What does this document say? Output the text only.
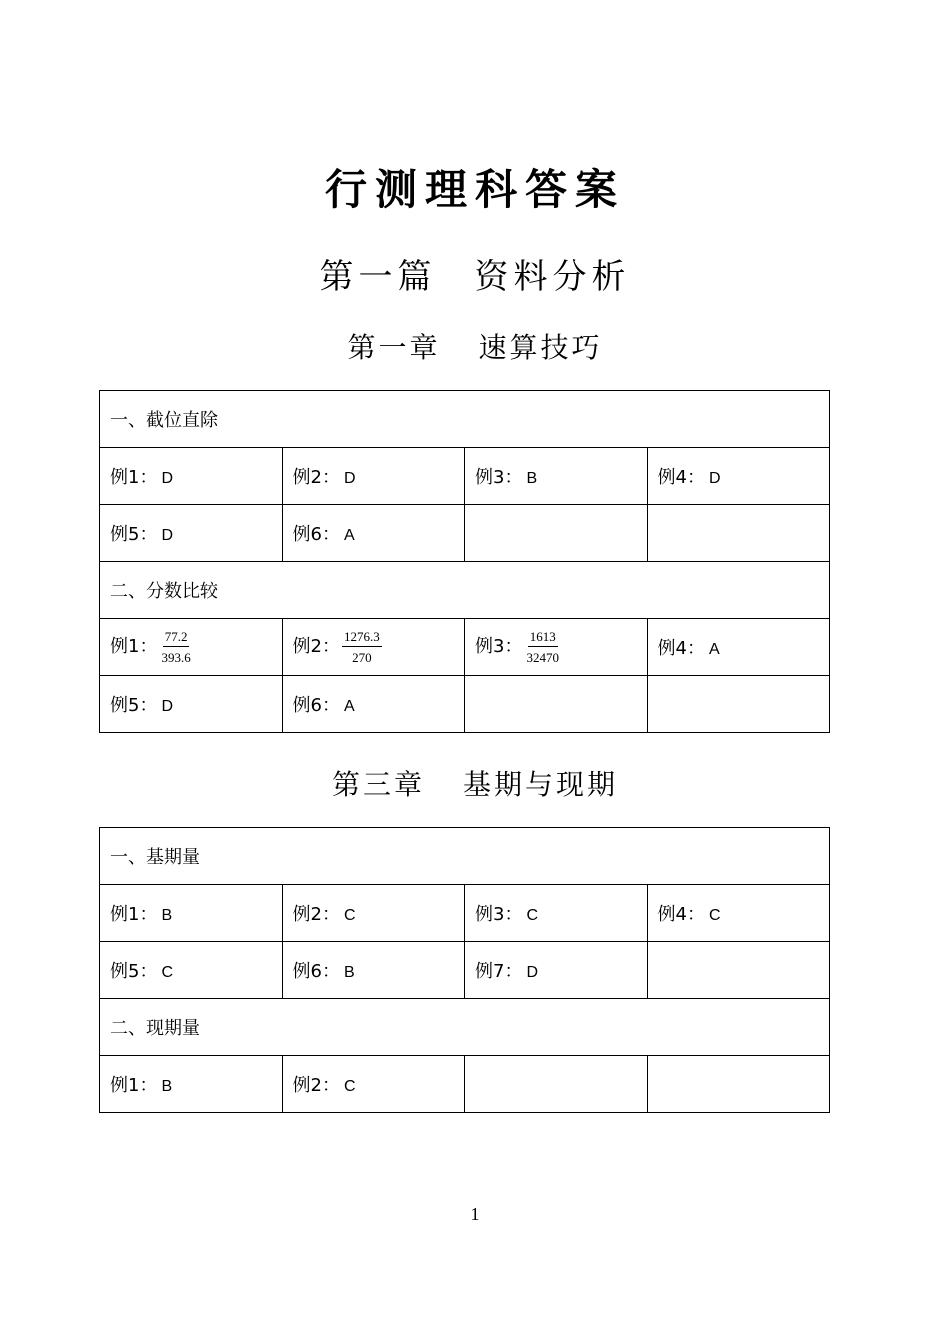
行测理科答案
第一篇 资料分析
第一章 速算技巧
一、截位直除			
例1： D	例2： D	例3： B	例4： D
例5： D	例6： A		
二、分数比较			
例1： $\frac{77.2}{393.6}$	例2： $\frac{1276.3}{270}$	例3： $\frac{1613}{32470}$	例4： A
例5： D	例6： A		
第三章 基期与现期
一、基期量			
例1： B	例2： C	例3： C	例4： C
例5： C	例6： B	例7： D	
二、现期量			
例1： B	例2： C		
1
